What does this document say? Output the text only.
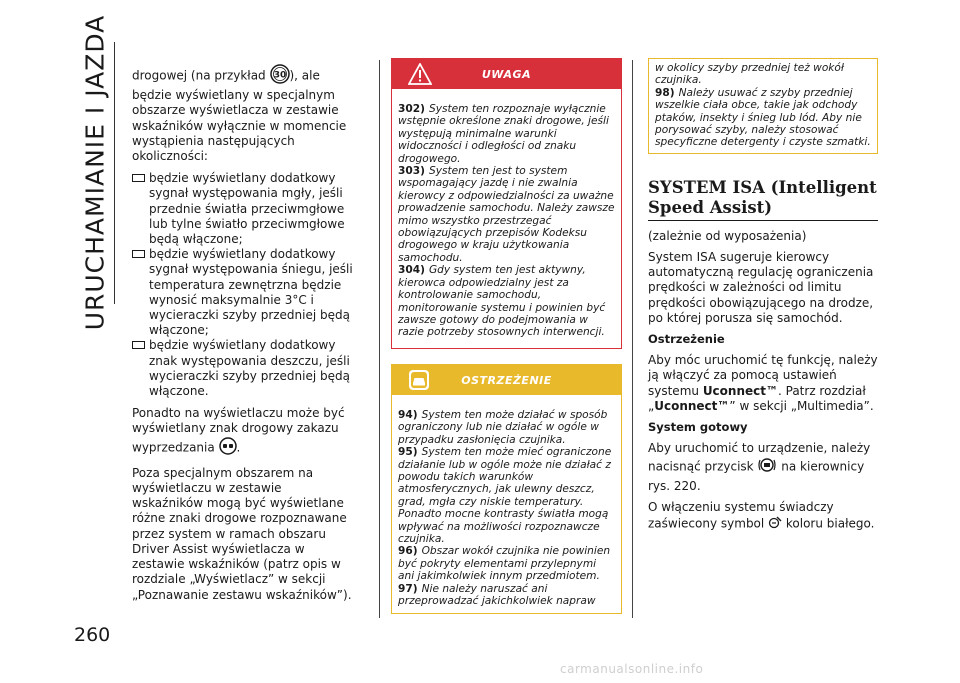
URUCHAMIANIE I JAZDA drogowej (na przykład 30 ), ale będzie wyświetlany w specjalnym obszarze wyświetlacza w zestawie wskaźników wyłącznie w momencie wystąpienia następujących okoliczności:

będzie wyświetlany dodatkowy sygnał występowania mgły, jeśli przednie światła przeciwmgłowe lub tylne światło przeciwmgłowe będą włączone;
będzie wyświetlany dodatkowy sygnał występowania śniegu, jeśli temperatura zewnętrzna będzie wynosić maksymalnie 3°C i wycieraczki szyby przedniej będą włączone;
będzie wyświetlany dodatkowy znak występowania deszczu, jeśli wycieraczki szyby przedniej będą włączone.

Ponadto na wyświetlaczu może być wyświetlany znak drogowy zakazu wyprzedzania .

Poza specjalnym obszarem na wyświetlaczu w zestawie wskaźników mogą być wyświetlane różne znaki drogowe rozpoznawane przez system w ramach obszaru Driver Assist wyświetlacza w zestawie wskaźników (patrz opis w rozdziale „Wyświetlacz” w sekcji „Poznawanie zestawu wskaźników”).

UWAGA

302) System ten rozpoznaje wyłącznie wstępnie określone znaki drogowe, jeśli występują minimalne warunki widoczności i odległości od znaku drogowego.

303) System ten jest to system wspomagający jazdę i nie zwalnia kierowcy z odpowiedzialności za uważne prowadzenie samochodu. Należy zawsze mimo wszystko przestrzegać obowiązujących przepisów Kodeksu drogowego w kraju użytkowania samochodu.

304) Gdy system ten jest aktywny, kierowca odpowiedzialny jest za kontrolowanie samochodu, monitorowanie systemu i powinien być zawsze gotowy do podejmowania w razie potrzeby stosownych interwencji.

OSTRZEŻENIE

94) System ten może działać w sposób ograniczony lub nie działać w ogóle w przypadku zasłonięcia czujnika.

95) System ten może mieć ograniczone działanie lub w ogóle może nie działać z powodu takich warunków atmosferycznych, jak ulewny deszcz, grad, mgła czy niskie temperatury. Ponadto mocne kontrasty światła mogą wpływać na możliwości rozpoznawcze czujnika.

96) Obszar wokół czujnika nie powinien być pokryty elementami przylepnymi ani jakimkolwiek innym przedmiotem.

97) Nie należy naruszać ani przeprowadzać jakichkolwiek napraw

w okolicy szyby przedniej też wokół czujnika.

98) Należy usuwać z szyby przedniej wszelkie ciała obce, takie jak odchody ptaków, insekty i śnieg lub lód. Aby nie porysować szyby, należy stosować specyficzne detergenty i czyste szmatki.

SYSTEM ISA (Intelligent Speed Assist)

(zależnie od wyposażenia)

System ISA sugeruje kierowcy automatyczną regulację ograniczenia prędkości w zależności od limitu prędkości obowiązującego na drodze, po której porusza się samochód.

Ostrzeżenie

Aby móc uruchomić tę funkcję, należy ją włączyć za pomocą ustawień systemu Uconnect™. Patrz rozdział „Uconnect™” w sekcji „Multimedia”.

System gotowy

Aby uruchomić to urządzenie, należy nacisnąć przycisk na kierownicy rys. 220.

O włączeniu systemu świadczy zaświecony symbol koloru białego.

260
carmanualsonline.info
